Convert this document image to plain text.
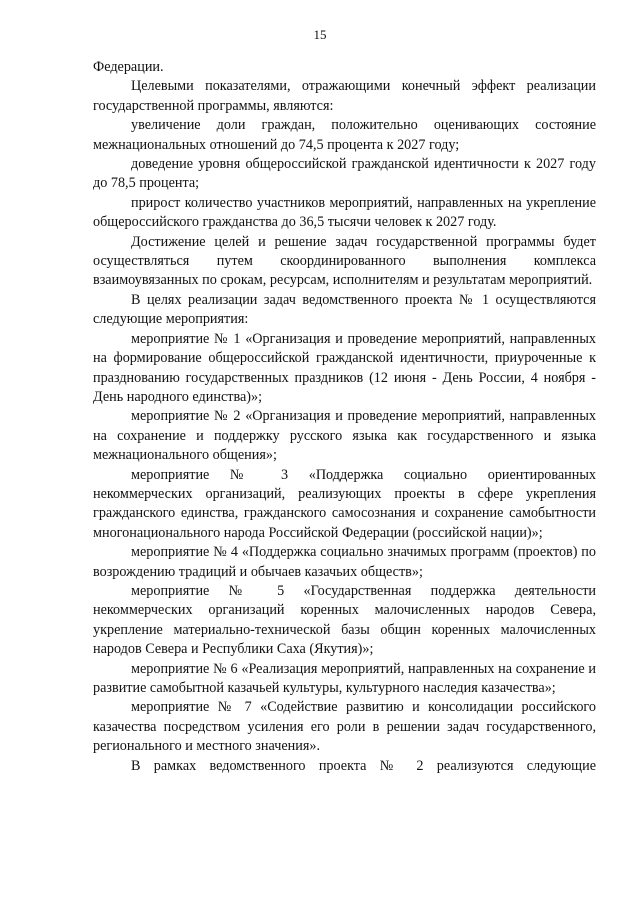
15

Федерации.

Целевыми показателями, отражающими конечный эффект реализации государственной программы, являются:

увеличение доли граждан, положительно оценивающих состояние межнациональных отношений до 74,5 процента к 2027 году;

доведение уровня общероссийской гражданской идентичности к 2027 году до 78,5 процента;

прирост количество участников мероприятий, направленных на укрепление общероссийского гражданства до 36,5 тысячи человек к 2027 году.

Достижение целей и решение задач государственной программы будет осуществляться путем скоординированного выполнения комплекса взаимоувязанных по срокам, ресурсам, исполнителям и результатам мероприятий.

В целях реализации задач ведомственного проекта № 1 осуществляются следующие мероприятия:

мероприятие № 1 «Организация и проведение мероприятий, направленных на формирование общероссийской гражданской идентичности, приуроченные к празднованию государственных праздников (12 июня - День России, 4 ноября - День народного единства)»;

мероприятие № 2 «Организация и проведение мероприятий, направленных на сохранение и поддержку русского языка как государственного и языка межнационального общения»;

мероприятие № 3 «Поддержка социально ориентированных некоммерческих организаций, реализующих проекты в сфере укрепления гражданского единства, гражданского самосознания и сохранение самобытности многонационального народа Российской Федерации (российской нации)»;

мероприятие № 4 «Поддержка социально значимых программ (проектов) по возрождению традиций и обычаев казачьих обществ»;

мероприятие № 5 «Государственная поддержка деятельности некоммерческих организаций коренных малочисленных народов Севера, укрепление материально-технической базы общин коренных малочисленных народов Севера и Республики Саха (Якутия)»;

мероприятие № 6 «Реализация мероприятий, направленных на сохранение и развитие самобытной казачьей культуры, культурного наследия казачества»;

мероприятие № 7 «Содействие развитию и консолидации российского казачества посредством усиления его роли в решении задач государственного, регионального и местного значения».

В рамках ведомственного проекта № 2 реализуются следующие
